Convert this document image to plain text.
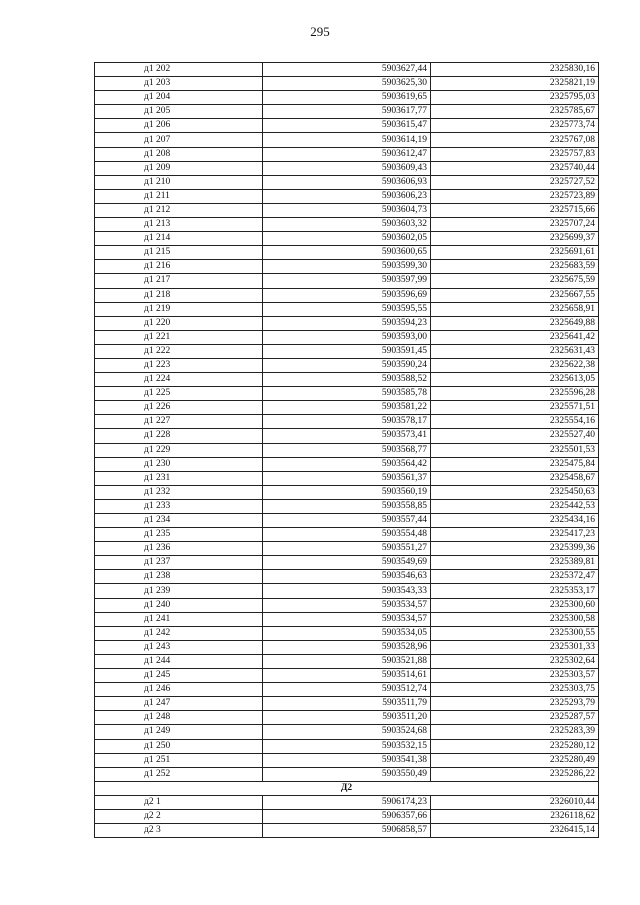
295
д1 202	5903627,44	2325830,16
д1 203	5903625,30	2325821,19
д1 204	5903619,65	2325795,03
д1 205	5903617,77	2325785,67
д1 206	5903615,47	2325773,74
д1 207	5903614,19	2325767,08
д1 208	5903612,47	2325757,83
д1 209	5903609,43	2325740,44
д1 210	5903606,93	2325727,52
д1 211	5903606,23	2325723,89
д1 212	5903604,73	2325715,66
д1 213	5903603,32	2325707,24
д1 214	5903602,05	2325699,37
д1 215	5903600,65	2325691,61
д1 216	5903599,30	2325683,59
д1 217	5903597,99	2325675,59
д1 218	5903596,69	2325667,55
д1 219	5903595,55	2325658,91
д1 220	5903594,23	2325649,88
д1 221	5903593,00	2325641,42
д1 222	5903591,45	2325631,43
д1 223	5903590,24	2325622,38
д1 224	5903588,52	2325613,05
д1 225	5903585,78	2325596,28
д1 226	5903581,22	2325571,51
д1 227	5903578,17	2325554,16
д1 228	5903573,41	2325527,40
д1 229	5903568,77	2325501,53
д1 230	5903564,42	2325475,84
д1 231	5903561,37	2325458,67
д1 232	5903560,19	2325450,63
д1 233	5903558,85	2325442,53
д1 234	5903557,44	2325434,16
д1 235	5903554,48	2325417,23
д1 236	5903551,27	2325399,36
д1 237	5903549,69	2325389,81
д1 238	5903546,63	2325372,47
д1 239	5903543,33	2325353,17
д1 240	5903534,57	2325300,60
д1 241	5903534,57	2325300,58
д1 242	5903534,05	2325300,55
д1 243	5903528,96	2325301,33
д1 244	5903521,88	2325302,64
д1 245	5903514,61	2325303,57
д1 246	5903512,74	2325303,75
д1 247	5903511,79	2325293,79
д1 248	5903511,20	2325287,57
д1 249	5903524,68	2325283,39
д1 250	5903532,15	2325280,12
д1 251	5903541,38	2325280,49
д1 252	5903550,49	2325286,22
Д2		
д2 1	5906174,23	2326010,44
д2 2	5906357,66	2326118,62
д2 3	5906858,57	2326415,14
